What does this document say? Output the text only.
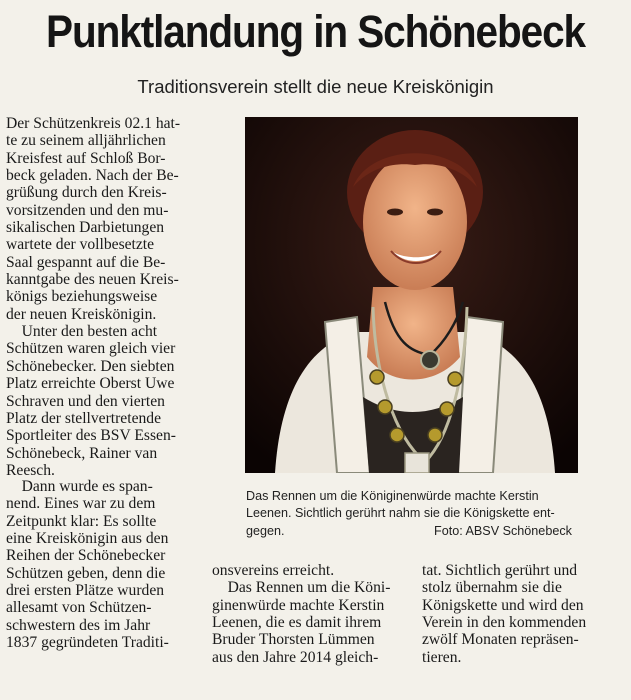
Punktlandung in Schönebeck
Traditionsverein stellt die neue Kreiskönigin
Der Schützenkreis 02.1 hat-
te zu seinem alljährlichen
Kreisfest auf Schloß Bor-
beck geladen. Nach der Be-
grüßung durch den Kreis-
vorsitzenden und den mu-
sikalischen Darbietungen
wartete der vollbesetzte
Saal gespannt auf die Be-
kanntgabe des neuen Kreis-
königs beziehungsweise
der neuen Kreiskönigin.
 Unter den besten acht
Schützen waren gleich vier
Schönebecker. Den siebten
Platz erreichte Oberst Uwe
Schraven und den vierten
Platz der stellvertretende
Sportleiter des BSV Essen-
Schönebeck, Rainer van
Reesch.
 Dann wurde es span-
nend. Eines war zu dem
Zeitpunkt klar: Es sollte
eine Kreiskönigin aus den
Reihen der Schönebecker
Schützen geben, denn die
drei ersten Plätze wurden
allesamt von Schützen-
schwestern des im Jahr
1837 gegründeten Traditi-
onsvereins erreicht.
 Das Rennen um die Köni-
ginenwürde machte Kerstin
Leenen, die es damit ihrem
Bruder Thorsten Lümmen
aus den Jahre 2014 gleich-
tat. Sichtlich gerührt und
stolz übernahm sie die
Königskette und wird den
Verein in den kommenden
zwölf Monaten repräsen-
tieren.
Das Rennen um die Königinenwürde machte Kerstin
Leenen. Sichtlich gerührt nahm sie die Königskette ent-
gegen.	Foto: ABSV Schönebeck
